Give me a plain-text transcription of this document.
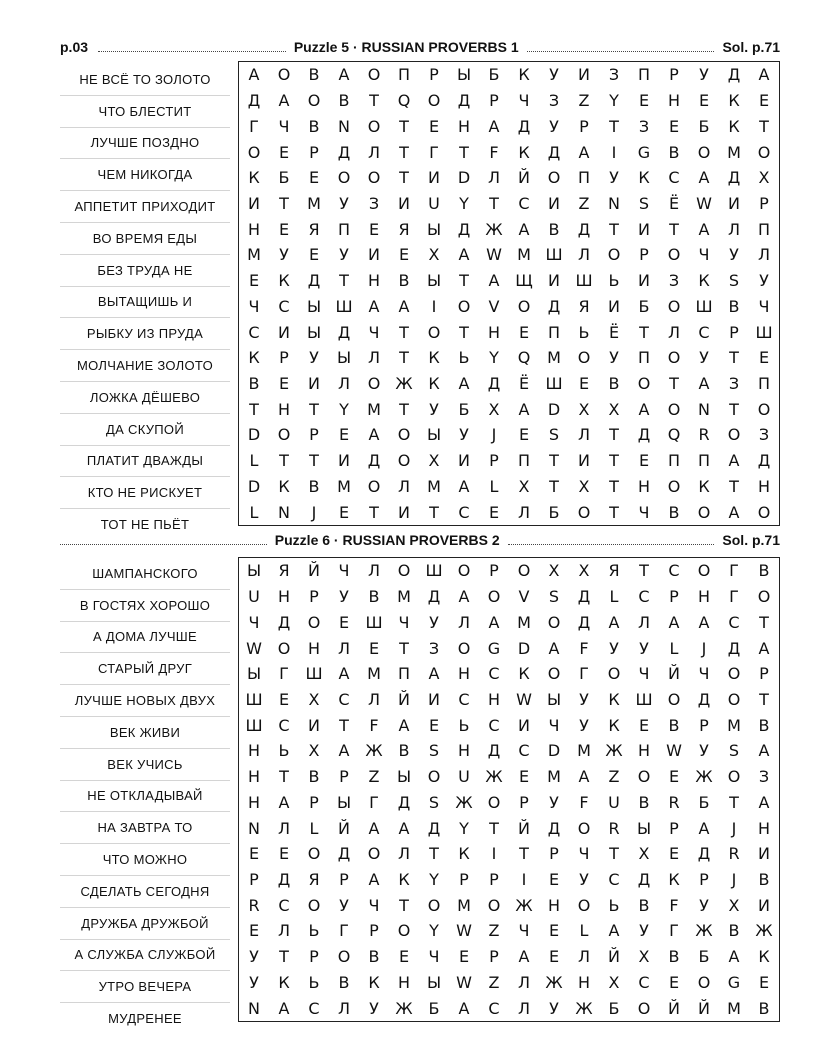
p.03	Puzzle 5 · RUSSIAN PROVERBS 1	Sol. p.71
НЕ ВСЁ ТО ЗОЛОТО
ЧТО БЛЕСТИТ
ЛУЧШЕ ПОЗДНО
ЧЕМ НИКОГДА
АППЕТИТ ПРИХОДИТ
ВО ВРЕМЯ ЕДЫ
БЕЗ ТРУДА НЕ
ВЫТАЩИШЬ И
РЫБКУ ИЗ ПРУДА
МОЛЧАНИЕ ЗОЛОТО
ЛОЖКА ДЁШЕВО
ДА СКУПОЙ
ПЛАТИТ ДВАЖДЫ
КТО НЕ РИСКУЕТ
ТОТ НЕ ПЬЁТ
А	О	В	А	О	П	Р	Ы	Б	К	У	И	З	П	Р	У	Д	А
Д	А	О	В	Т	Q	О	Д	Р	Ч	З	Z	Y	Е	Н	Е	К	Е
Г	Ч	В	N	О	Т	Е	Н	А	Д	У	Р	Т	З	Е	Б	К	Т
О	Е	Р	Д	Л	Т	Г	Т	F	К	Д	А	I	G	В	О	М	О
К	Б	Е	О	О	Т	И	D	Л	Й	О	П	У	К	С	А	Д	Х
И	Т	М	У	З	И	U	Y	Т	С	И	Z	N	S	Ё	W	И	Р
Н	Е	Я	П	Е	Я	Ы	Д Ж А	В	Д	Т	И	Т	А	Л	П
М	У	Е	У	И	Е	Х	А	W М Ш Л	О	Р	О	Ч	У	Л
Е	К	Д	Т	Н	В	Ы	Т	А Щ И Ш Ь	И	З	К	S	У
Ч	С	Ы Ш А	А	I	О	V	О	Д	Я	И	Б	О Ш В	Ч
С	И	Ы	Д	Ч	Т	О	Т	Н	Е	П	Ь	Ё	Т	Л	С	Р	Ш
К	Р	У	Ы	Л	Т	К	Ь	Y	Q	М	О	У	П	О	У	Т	Е
В	Е	И	Л	О Ж К	А	Д	Ё	Ш	Е	В	О	Т	А	З	П
Т	Н	Т	Y	М	Т	У	Б	Х	А	D	Х	Х	А	О	N	Т	О
D	О	Р	Е	А	О	Ы	У	J	Е	S	Л	Т	Д	Q	R	О	З
L	Т	Т	И	Д	О	Х	И	Р	П	Т	И	Т	Е	П	П	А	Д
D	К	В	М	О	Л	М	А	L	Х	Т	Х	Т	Н	О	К	Т	Н
L	N	J	Е	Т	И	Т	С	Е	Л	Б	О	Т	Ч	В	О	А	О
Puzzle 6 · RUSSIAN PROVERBS 2	Sol. p.71
ШАМПАНСКОГО
В ГОСТЯХ ХОРОШО
А ДОМА ЛУЧШЕ
СТАРЫЙ ДРУГ
ЛУЧШЕ НОВЫХ ДВУХ
ВЕК ЖИВИ
ВЕК УЧИСЬ
НЕ ОТКЛАДЫВАЙ
НА ЗАВТРА ТО
ЧТО МОЖНО
СДЕЛАТЬ СЕГОДНЯ
ДРУЖБА ДРУЖБОЙ
А СЛУЖБА СЛУЖБОЙ
УТРО ВЕЧЕРА
МУДРЕНЕЕ
Ы	Я	Й	Ч	Л	О Ш О	Р	О	Х	Х	Я	Т	С	О	Г	В
U	Н	Р	У	В	М	Д	А	О	V	S	Д	L	С	Р	Н	Г	О
Ч	Д	О	Е	Ш Ч	У	Л	А	М	О	Д	А	Л	А	А	С	Т
W О	Н	Л	Е	Т	З	О	G	D	А	F	У	У	L	J	Д	А
Ы	Г	Ш А	М	П	А	Н	С	К	О	Г	О	Ч	Й	Ч	О	Р
Ш	Е	Х	С	Л	Й	И	С	Н	W Ы	У	К Ш О	Д	О	Т
Ш С	И	Т	F	А	Е	Ь	С	И	Ч	У	К	Е	В	Р	М	В
Н	Ь	Х	А Ж В	S	Н	Д	С	D	М Ж Н	W	У	S	А
Н	Т	В	Р	Z	Ы	О	U Ж	Е	М	А	Z	О	Е	Ж О	З
Н	А	Р	Ы	Г	Д	S	Ж О	Р	У	F	U	B	R	Б	Т	А
N	Л	L	Й	А	А	Д	Y	Т	Й	Д	О	R	Ы	Р	А	J	Н
Е	Е	О	Д	О	Л	Т	К	I	Т	Р	Ч	Т	Х	Е	Д	R	И
Р	Д	Я	Р	А	К	Y	Р	Р	I	Е	У	С	Д	К	Р	J	В
R	С	О	У	Ч	Т	О	М	О Ж Н	О	Ь	В	F	У	Х	И
Е	Л	Ь	Г	Р	О	Y	W	Z	Ч	Е	L	А	У	Г	Ж В Ж
У	Т	Р	О	В	Е	Ч	Е	Р	А	Е	Л	Й	Х	В	Б	А	К
У	К	Ь	В	К	Н	Ы W	Z	Л Ж Н	Х	С	Е	О	G	Е
N	А	С	Л	У	Ж Б	А	С	Л	У	Ж Б	О	Й	Й	М	В
